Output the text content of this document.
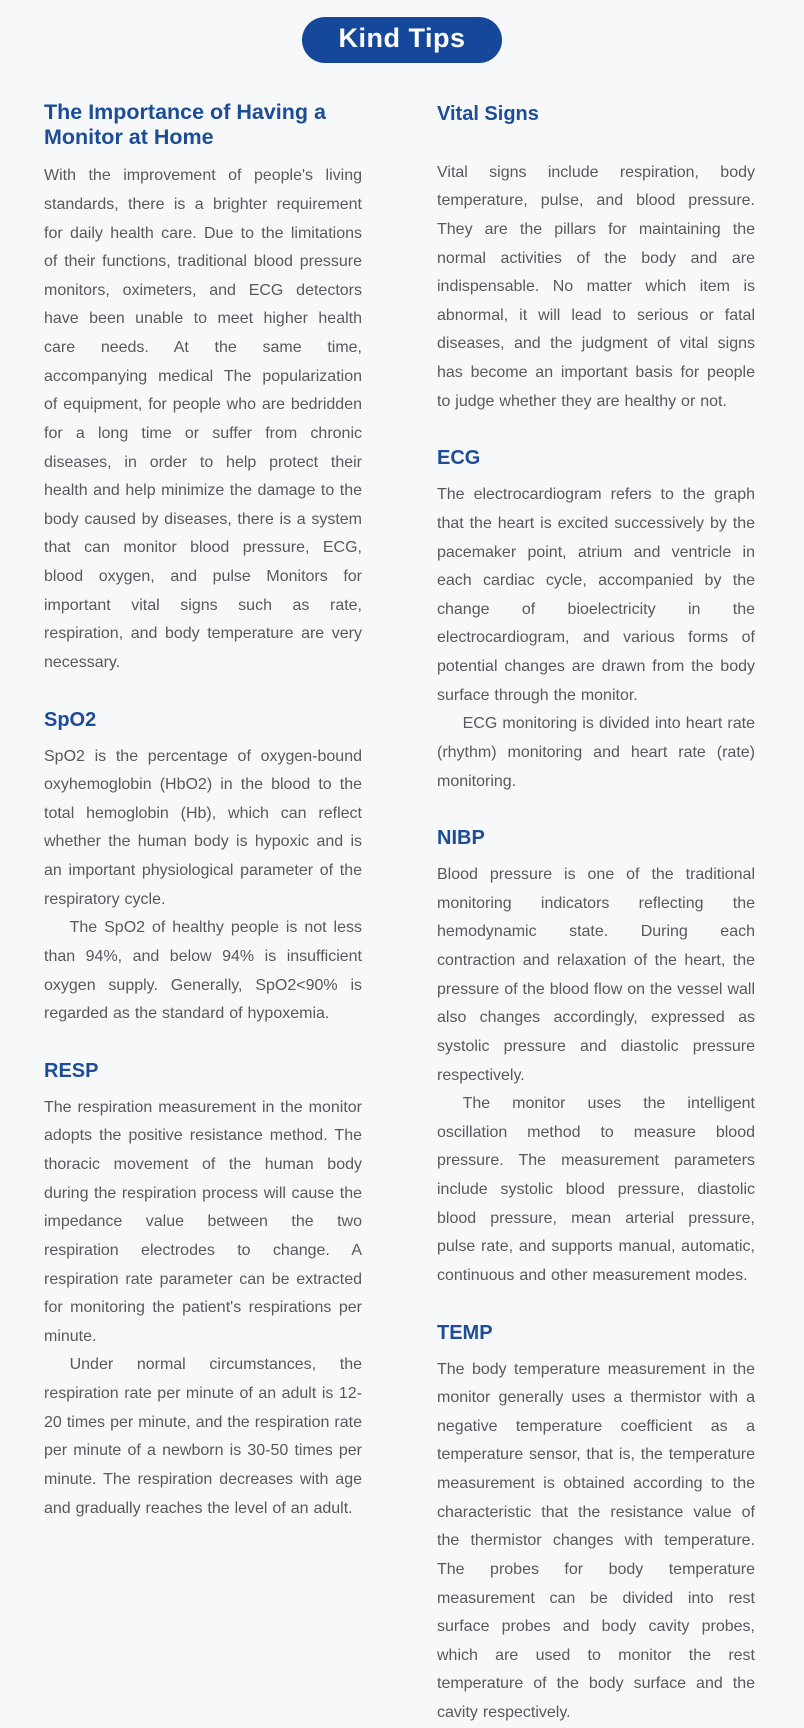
Kind Tips
The Importance of Having a Monitor at Home

With the improvement of people's living standards, there is a brighter requirement for daily health care. Due to the limitations of their functions, traditional blood pressure monitors, oximeters, and ECG detectors have been unable to meet higher health care needs. At the same time, accompanying medical The popularization of equipment, for people who are bedridden for a long time or suffer from chronic diseases, in order to help protect their health and help minimize the damage to the body caused by diseases, there is a system that can monitor blood pressure, ECG, blood oxygen, and pulse Monitors for important vital signs such as rate, respiration, and body temperature are very necessary.

SpO2

SpO2 is the percentage of oxygen-bound oxyhemoglobin (HbO2) in the blood to the total hemoglobin (Hb), which can reflect whether the human body is hypoxic and is an important physiological parameter of the respiratory cycle.

The SpO2 of healthy people is not less than 94%, and below 94% is insufficient oxygen supply. Generally, SpO2<90% is regarded as the standard of hypoxemia.

RESP

The respiration measurement in the monitor adopts the positive resistance method. The thoracic movement of the human body during the respiration process will cause the impedance value between the two respiration electrodes to change. A respiration rate parameter can be extracted for monitoring the patient's respirations per minute.

Under normal circumstances, the respiration rate per minute of an adult is 12-20 times per minute, and the respiration rate per minute of a newborn is 30-50 times per minute. The respiration decreases with age and gradually reaches the level of an adult.

Vital Signs

Vital signs include respiration, body temperature, pulse, and blood pressure. They are the pillars for maintaining the normal activities of the body and are indispensable. No matter which item is abnormal, it will lead to serious or fatal diseases, and the judgment of vital signs has become an important basis for people to judge whether they are healthy or not.

ECG

The electrocardiogram refers to the graph that the heart is excited successively by the pacemaker point, atrium and ventricle in each cardiac cycle, accompanied by the change of bioelectricity in the electrocardiogram, and various forms of potential changes are drawn from the body surface through the monitor.

ECG monitoring is divided into heart rate (rhythm) monitoring and heart rate (rate) monitoring.

NIBP

Blood pressure is one of the traditional monitoring indicators reflecting the hemodynamic state. During each contraction and relaxation of the heart, the pressure of the blood flow on the vessel wall also changes accordingly, expressed as systolic pressure and diastolic pressure respectively.

The monitor uses the intelligent oscillation method to measure blood pressure. The measurement parameters include systolic blood pressure, diastolic blood pressure, mean arterial pressure, pulse rate, and supports manual, automatic, continuous and other measurement modes.

TEMP

The body temperature measurement in the monitor generally uses a thermistor with a negative temperature coefficient as a temperature sensor, that is, the temperature measurement is obtained according to the characteristic that the resistance value of the thermistor changes with temperature. The probes for body temperature measurement can be divided into rest surface probes and body cavity probes, which are used to monitor the rest temperature of the body surface and the cavity respectively.
